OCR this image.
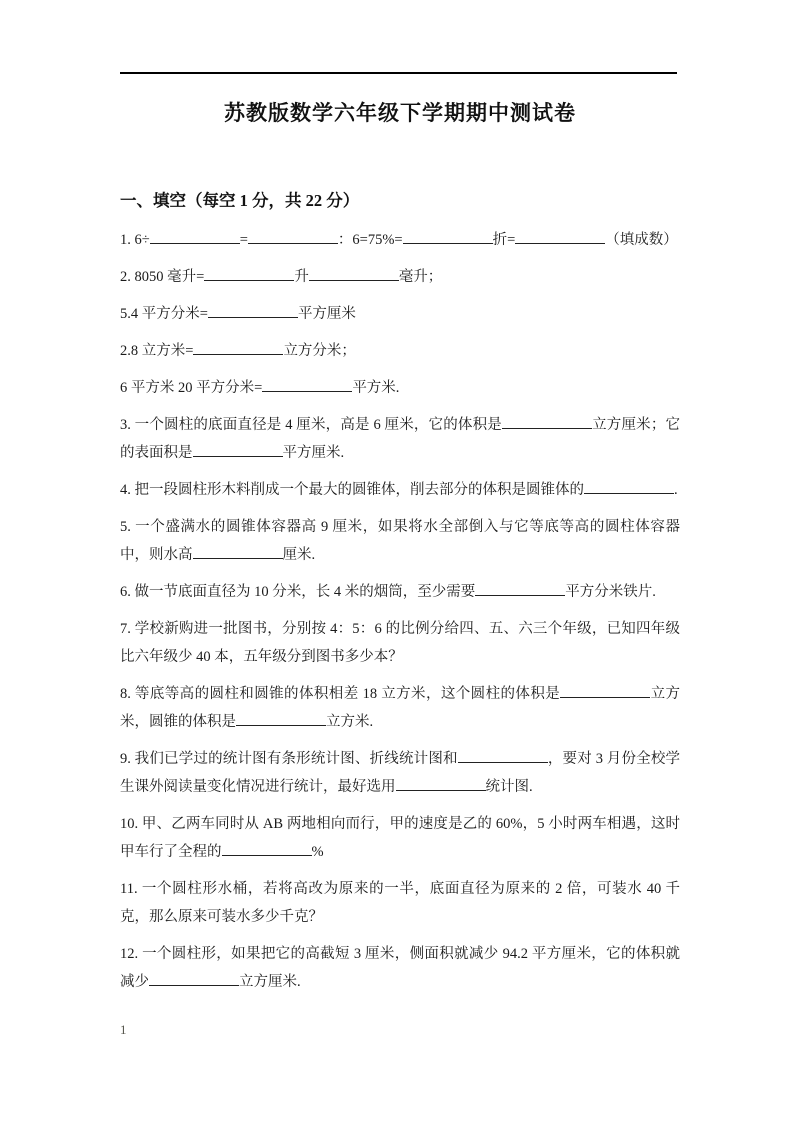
苏教版数学六年级下学期期中测试卷
一、填空（每空 1 分，共 22 分）

1. 6÷	=	：6=75%=	折=	（填成数）

2. 8050 毫升=	升	毫升；

5.4 平方分米=	平方厘米

2.8 立方米=	立方分米；

6 平方米 20 平方分米=	平方米.

3. 一个圆柱的底面直径是 4 厘米，高是 6 厘米，它的体积是	立方厘米；它的表面积是	平方厘米.

4. 把一段圆柱形木料削成一个最大的圆锥体，削去部分的体积是圆锥体的	.

5. 一个盛满水的圆锥体容器高 9 厘米，如果将水全部倒入与它等底等高的圆柱体容器中，则水高	厘米.

6. 做一节底面直径为 10 分米，长 4 米的烟筒，至少需要	平方分米铁片.

7. 学校新购进一批图书，分别按 4：5：6 的比例分给四、五、六三个年级，已知四年级比六年级少 40 本，五年级分到图书多少本？

8. 等底等高的圆柱和圆锥的体积相差 18 立方米，这个圆柱的体积是	立方米，圆锥的体积是	立方米.

9. 我们已学过的统计图有条形统计图、折线统计图和	，要对 3 月份全校学生课外阅读量变化情况进行统计，最好选用	统计图.

10. 甲、乙两车同时从 AB 两地相向而行，甲的速度是乙的 60%，5 小时两车相遇，这时甲车行了全程的	%

11. 一个圆柱形水桶，若将高改为原来的一半，底面直径为原来的 2 倍，可装水 40 千克，那么原来可装水多少千克？

12. 一个圆柱形，如果把它的高截短 3 厘米，侧面积就减少 94.2 平方厘米，它的体积就减少	立方厘米.

1
